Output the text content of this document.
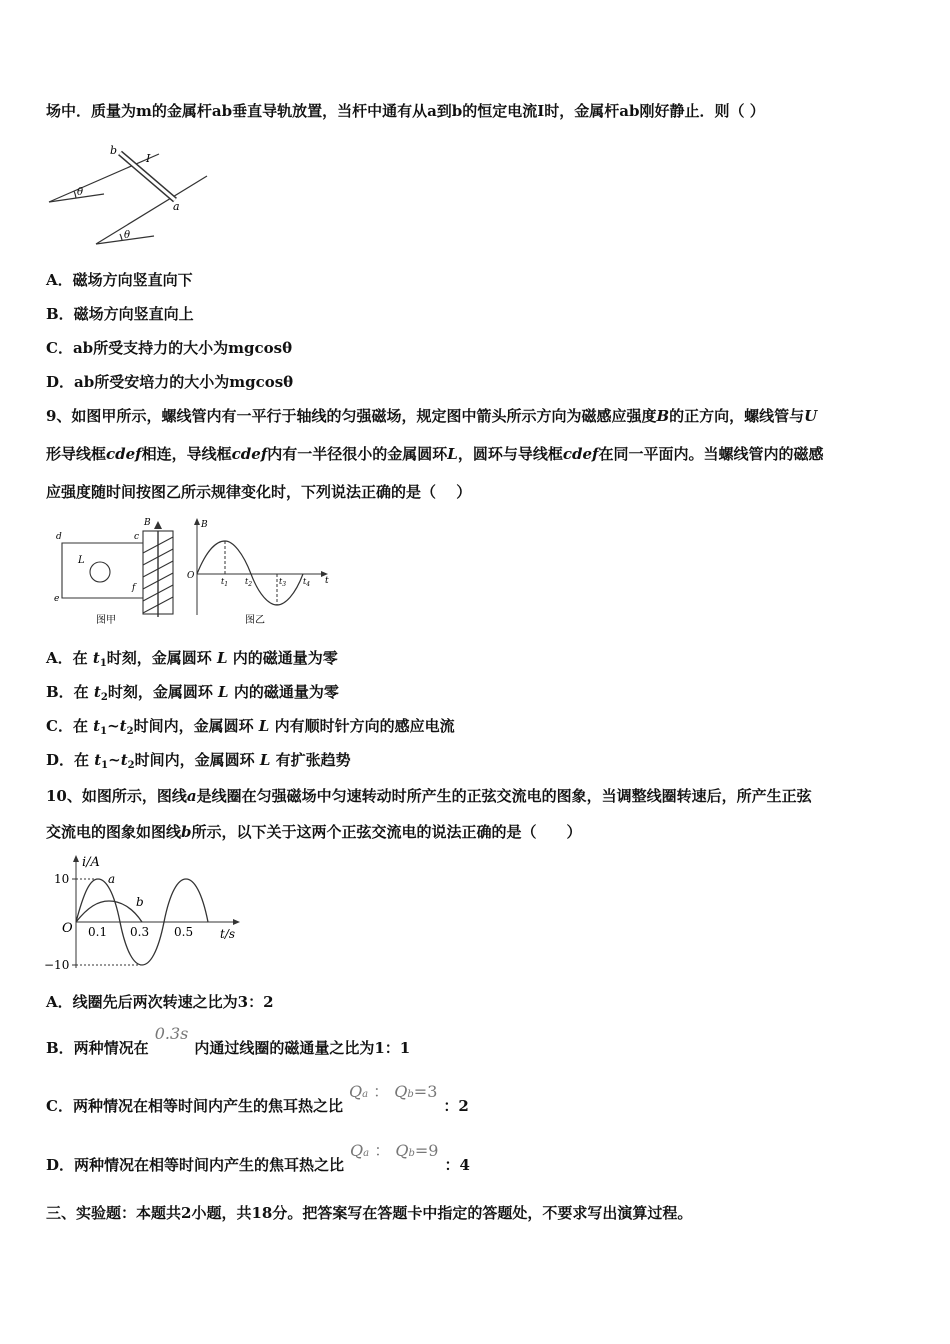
场中．质量为m的金属杆ab垂直导轨放置，当杆中通有从a到b的恒定电流I时，金属杆ab刚好静止．则（ ）
b
I
a
θ
θ
A．磁场方向竖直向下
B．磁场方向竖直向上
C．ab所受支持力的大小为mgcosθ
D．ab所受安培力的大小为mgcosθ
9、如图甲所示，螺线管内有一平行于轴线的匀强磁场，规定图中箭头所示方向为磁感应强度B的正方向，螺线管与U
形导线框cdef相连，导线框cdef内有一半径很小的金属圆环L，圆环与导线框cdef在同一平面内。当螺线管内的磁感
应强度随时间按图乙所示规律变化时，下列说法正确的是（　 ）
d	c
e
f
L
B
图甲
B
O	t
$t_1$ $t_2$	$t_3$ $t_4$
图乙
A．在 $t_1$时刻，金属圆环 L 内的磁通量为零
B．在 $t_2$时刻，金属圆环 L 内的磁通量为零
C．在 $t_1\sim t_2$时间内，金属圆环 L 内有顺时针方向的感应电流
D．在 $t_1\sim t_2$时间内，金属圆环 L 有扩张趋势
10、如图所示，图线a是线圈在匀强磁场中匀速转动时所产生的正弦交流电的图象，当调整线圈转速后，所产生正弦
交流电的图象如图线b所示，以下关于这两个正弦交流电的说法正确的是（　　）
i/A
10
−10
O 0.1 0.3 0.5 t/s
a
b
A．线圈先后两次转速之比为3：2
B．两种情况在0.3s内通过线圈的磁通量之比为1：1
C．两种情况在相等时间内产生的焦耳热之比Qa ： Qb=3：2
D．两种情况在相等时间内产生的焦耳热之比Qa ： Qb=9：4
三、实验题：本题共2小题，共18分。把答案写在答题卡中指定的答题处，不要求写出演算过程。
